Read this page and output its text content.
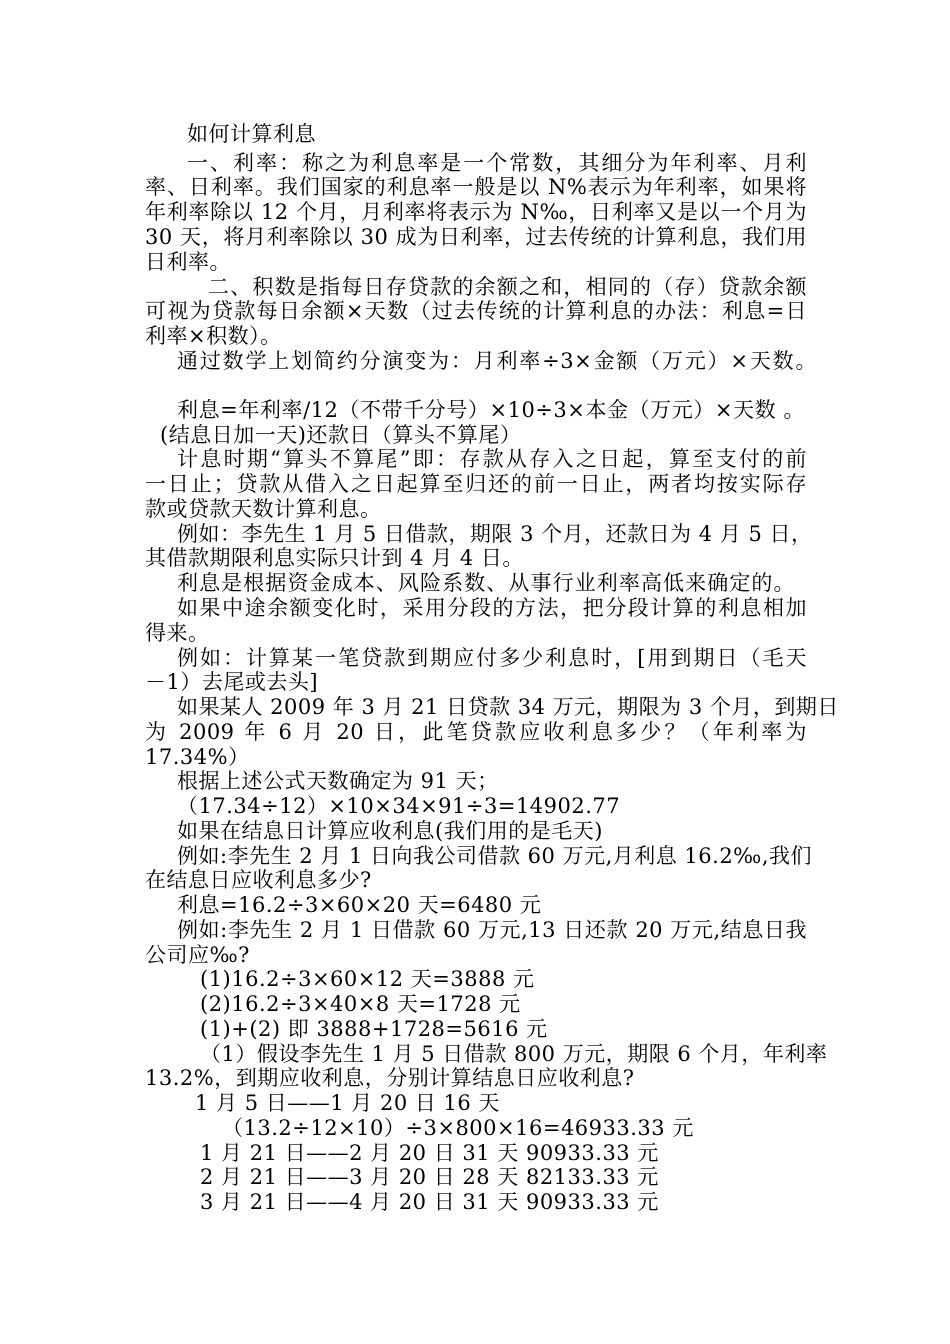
如何计算利息
一、利率：称之为利息率是一个常数，其细分为年利率、月利
率、日利率。我们国家的利息率一般是以 N%表示为年利率，如果将
年利率除以 12 个月，月利率将表示为 N‰，日利率又是以一个月为
30 天，将月利率除以 30 成为日利率，过去传统的计算利息，我们用
日利率。
二、积数是指每日存贷款的余额之和，相同的（存）贷款余额
可视为贷款每日余额×天数（过去传统的计算利息的办法：利息=日
利率×积数）。
通过数学上划简约分演变为：月利率÷3×金额（万元）×天数。
利息=年利率/12（不带千分号）×10÷3×本金（万元）×天数 。
(结息日加一天)还款日（算头不算尾）
计息时期“算头不算尾”即：存款从存入之日起，算至支付的前
一日止；贷款从借入之日起算至归还的前一日止，两者均按实际存
款或贷款天数计算利息。
例如：李先生 1 月 5 日借款，期限 3 个月，还款日为 4 月 5 日，
其借款期限利息实际只计到 4 月 4 日。
利息是根据资金成本、风险系数、从事行业利率高低来确定的。
如果中途余额变化时，采用分段的方法，把分段计算的利息相加
得来。
例如：计算某一笔贷款到期应付多少利息时，[用到期日（毛天
－1）去尾或去头]
如果某人 2009 年 3 月 21 日贷款 34 万元，期限为 3 个月，到期日
为 2009 年 6 月 20 日，此笔贷款应收利息多少？（年利率为
17.34%）
根据上述公式天数确定为 91 天；
（17.34÷12）×10×34×91÷3=14902.77
如果在结息日计算应收利息(我们用的是毛天)
例如:李先生 2 月 1 日向我公司借款 60 万元,月利息 16.2‰,我们
在结息日应收利息多少?
利息=16.2÷3×60×20 天=6480 元
例如:李先生 2 月 1 日借款 60 万元,13 日还款 20 万元,结息日我
公司应‰?
(1)16.2÷3×60×12 天=3888 元
(2)16.2÷3×40×8 天=1728 元
(1)+(2) 即 3888+1728=5616 元
（1）假设李先生 1 月 5 日借款 800 万元，期限 6 个月，年利率
13.2%，到期应收利息，分别计算结息日应收利息?
1 月 5 日——1 月 20 日 16 天
（13.2÷12×10）÷3×800×16=46933.33 元
1 月 21 日——2 月 20 日 31 天 90933.33 元
2 月 21 日——3 月 20 日 28 天 82133.33 元
3 月 21 日——4 月 20 日 31 天 90933.33 元
